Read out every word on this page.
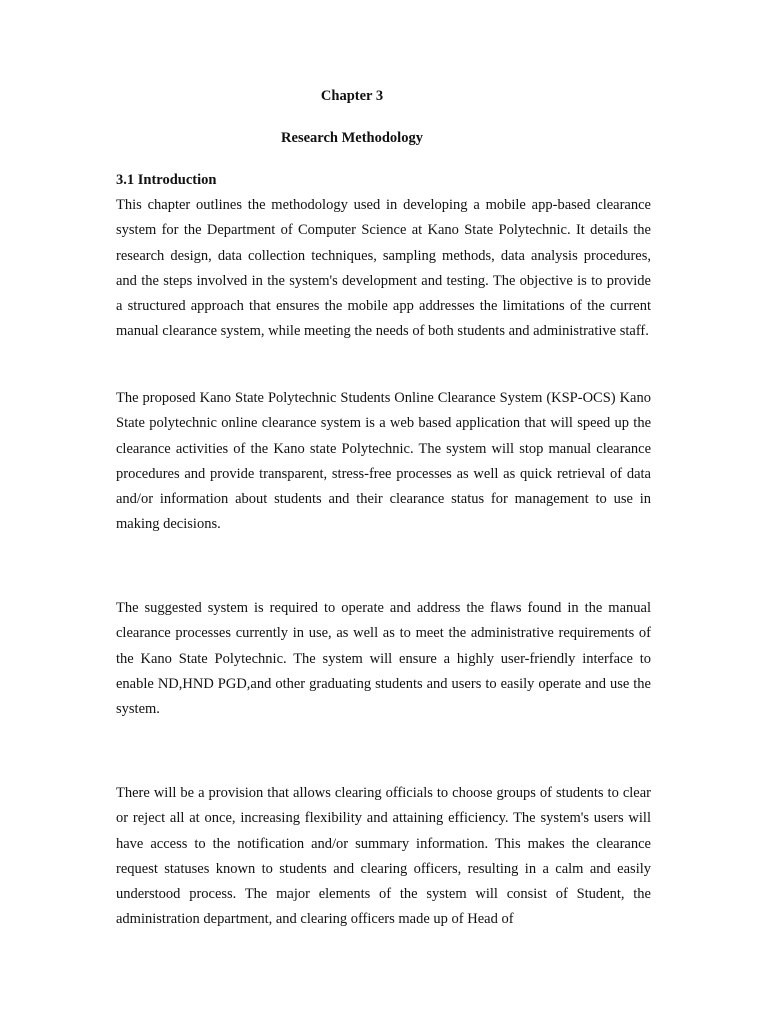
Chapter 3
Research Methodology
3.1 Introduction

This chapter outlines the methodology used in developing a mobile app-based clearance system for the Department of Computer Science at Kano State Polytechnic. It details the research design, data collection techniques, sampling methods, data analysis procedures, and the steps involved in the system's development and testing. The objective is to provide a structured approach that ensures the mobile app addresses the limitations of the current manual clearance system, while meeting the needs of both students and administrative staff.

The proposed Kano State Polytechnic Students Online Clearance System (KSP-OCS) Kano State polytechnic online clearance system is a web based application that will speed up the clearance activities of the Kano state Polytechnic. The system will stop manual clearance procedures and provide transparent, stress-free processes as well as quick retrieval of data and/or information about students and their clearance status for management to use in making decisions.

The suggested system is required to operate and address the flaws found in the manual clearance processes currently in use, as well as to meet the administrative requirements of the Kano State Polytechnic. The system will ensure a highly user-friendly interface to enable ND,HND PGD,and other graduating students and users to easily operate and use the system.

There will be a provision that allows clearing officials to choose groups of students to clear or reject all at once, increasing flexibility and attaining efficiency. The system's users will have access to the notification and/or summary information. This makes the clearance request statuses known to students and clearing officers, resulting in a calm and easily understood process. The major elements of the system will consist of Student, the administration department, and clearing officers made up of Head of
